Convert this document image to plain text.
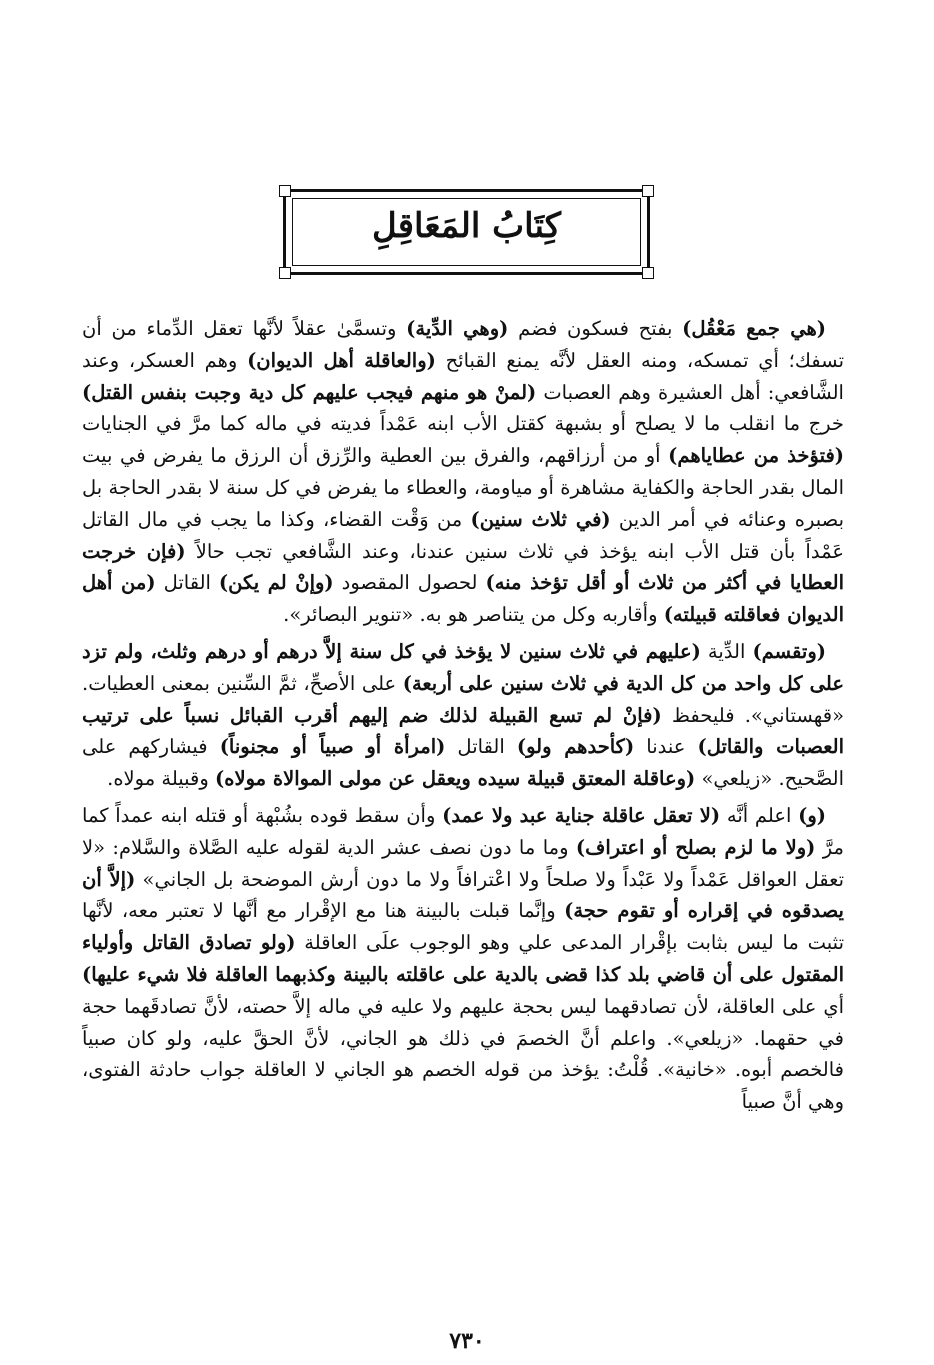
كِتَابُ المَعَاقِلِ

(هي جمع مَعْقُل) بفتح فسكون فضم (وهي الدِّية) وتسمَّىٰ عقلاً لأنَّها تعقل الدِّماء من أن تسفك؛ أي تمسكه، ومنه العقل لأنَّه يمنع القبائح (والعاقلة أهل الديوان) وهم العسكر، وعند الشَّافعي: أهل العشيرة وهم العصبات (لمنْ هو منهم فيجب عليهم كل دية وجبت بنفس القتل) خرج ما انقلب ما لا يصلح أو بشبهة كقتل الأب ابنه عَمْداً فديته في ماله كما مرَّ في الجنايات (فتؤخذ من عطاياهم) أو من أرزاقهم، والفرق بين العطية والرِّزق أن الرزق ما يفرض في بيت المال بقدر الحاجة والكفاية مشاهرة أو مياومة، والعطاء ما يفرض في كل سنة لا بقدر الحاجة بل بصبره وعنائه في أمر الدين (في ثلاث سنين) من وَقْت القضاء، وكذا ما يجب في مال القاتل عَمْداً بأن قتل الأب ابنه يؤخذ في ثلاث سنين عندنا، وعند الشَّافعي تجب حالاً (فإن خرجت العطايا في أكثر من ثلاث أو أقل تؤخذ منه) لحصول المقصود (وإنْ لم يكن) القاتل (من أهل الديوان فعاقلته قبيلته) وأقاربه وكل من يتناصر هو به. «تنوير البصائر».

(وتقسم) الدِّية (عليهم في ثلاث سنين لا يؤخذ في كل سنة إلاَّ درهم أو درهم وثلث، ولم تزد على كل واحد من كل الدية في ثلاث سنين على أربعة) على الأصحِّ، ثمَّ السِّنين بمعنى العطيات. «قهستاني». فليحفظ (فإنْ لم تسع القبيلة لذلك ضم إليهم أقرب القبائل نسباً على ترتيب العصبات والقاتل) عندنا (كأحدهم ولو) القاتل (امرأة أو صبياً أو مجنوناً) فيشاركهم على الصَّحيح. «زيلعي» (وعاقلة المعتق قبيلة سيده ويعقل عن مولى الموالاة مولاه) وقبيلة مولاه.

(و) اعلم أنَّه (لا تعقل عاقلة جناية عبد ولا عمد) وأن سقط قوده بشُبْهة أو قتله ابنه عمداً كما مرَّ (ولا ما لزم بصلح أو اعتراف) وما ما دون نصف عشر الدية لقوله عليه الصَّلاة والسَّلام: «لا تعقل العواقل عَمْداً ولا عَبْداً ولا صلحاً ولا اعْترافاً ولا ما دون أرش الموضحة بل الجاني» (إلاَّ أن يصدقوه في إقراره أو تقوم حجة) وإنَّما قبلت بالبينة هنا مع الإقْرار مع أنَّها لا تعتبر معه، لأنَّها تثبت ما ليس بثابت بإقْرار المدعى علي وهو الوجوب علَى العاقلة (ولو تصادق القاتل وأولياء المقتول على أن قاضي بلد كذا قضى بالدية على عاقلته بالبينة وكذبهما العاقلة فلا شيء عليها) أي على العاقلة، لأن تصادقهما ليس بحجة عليهم ولا عليه في ماله إلاَّ حصته، لأنَّ تصادقَهما حجة في حقهما. «زيلعي». واعلم أنَّ الخصمَ في ذلك هو الجاني، لأنَّ الحقَّ عليه، ولو كان صبياً فالخصم أبوه. «خانية». قُلْتُ: يؤخذ من قوله الخصم هو الجاني لا العاقلة جواب حادثة الفتوى، وهي أنَّ صبياً

٧٣٠
